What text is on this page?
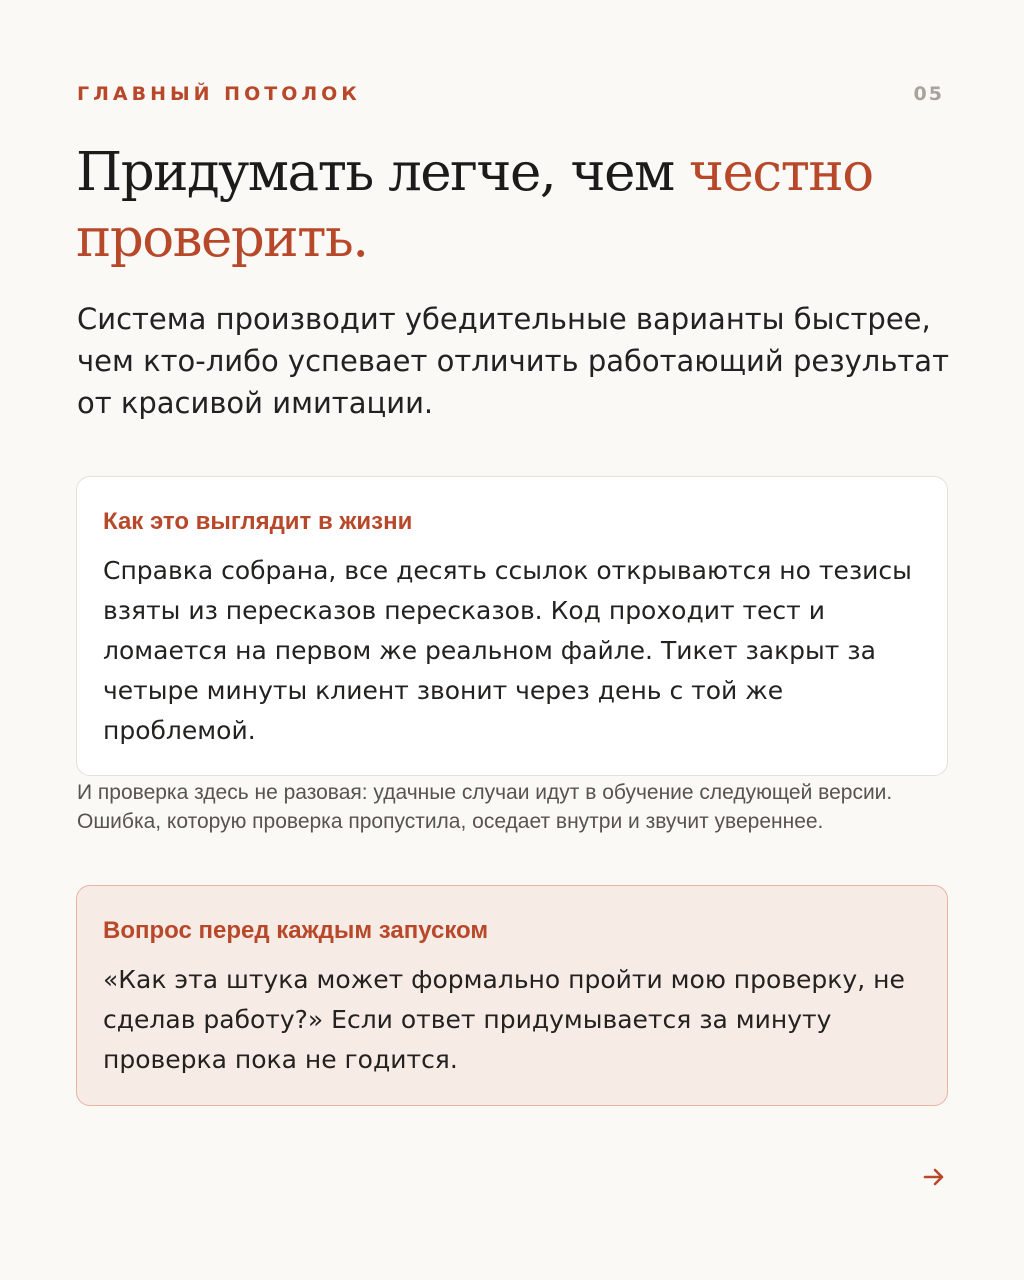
ГЛАВНЫЙ ПОТОЛОК	05
Придумать легче, чем честно проверить.

Система производит убедительные варианты быстрее, чем кто-либо успевает отличить работающий результат от красивой имитации.

Как это выглядит в жизни

Справка собрана, все десять ссылок открываются но тезисы взяты из пересказов пересказов. Код проходит тест и ломается на первом же реальном файле. Тикет закрыт за четыре минуты клиент звонит через день с той же проблемой.

И проверка здесь не разовая: удачные случаи идут в обучение следующей версии. Ошибка, которую проверка пропустила, оседает внутри и звучит увереннее.

Вопрос перед каждым запуском

«Как эта штука может формально пройти мою проверку, не сделав работу?» Если ответ придумывается за минуту проверка пока не годится.
